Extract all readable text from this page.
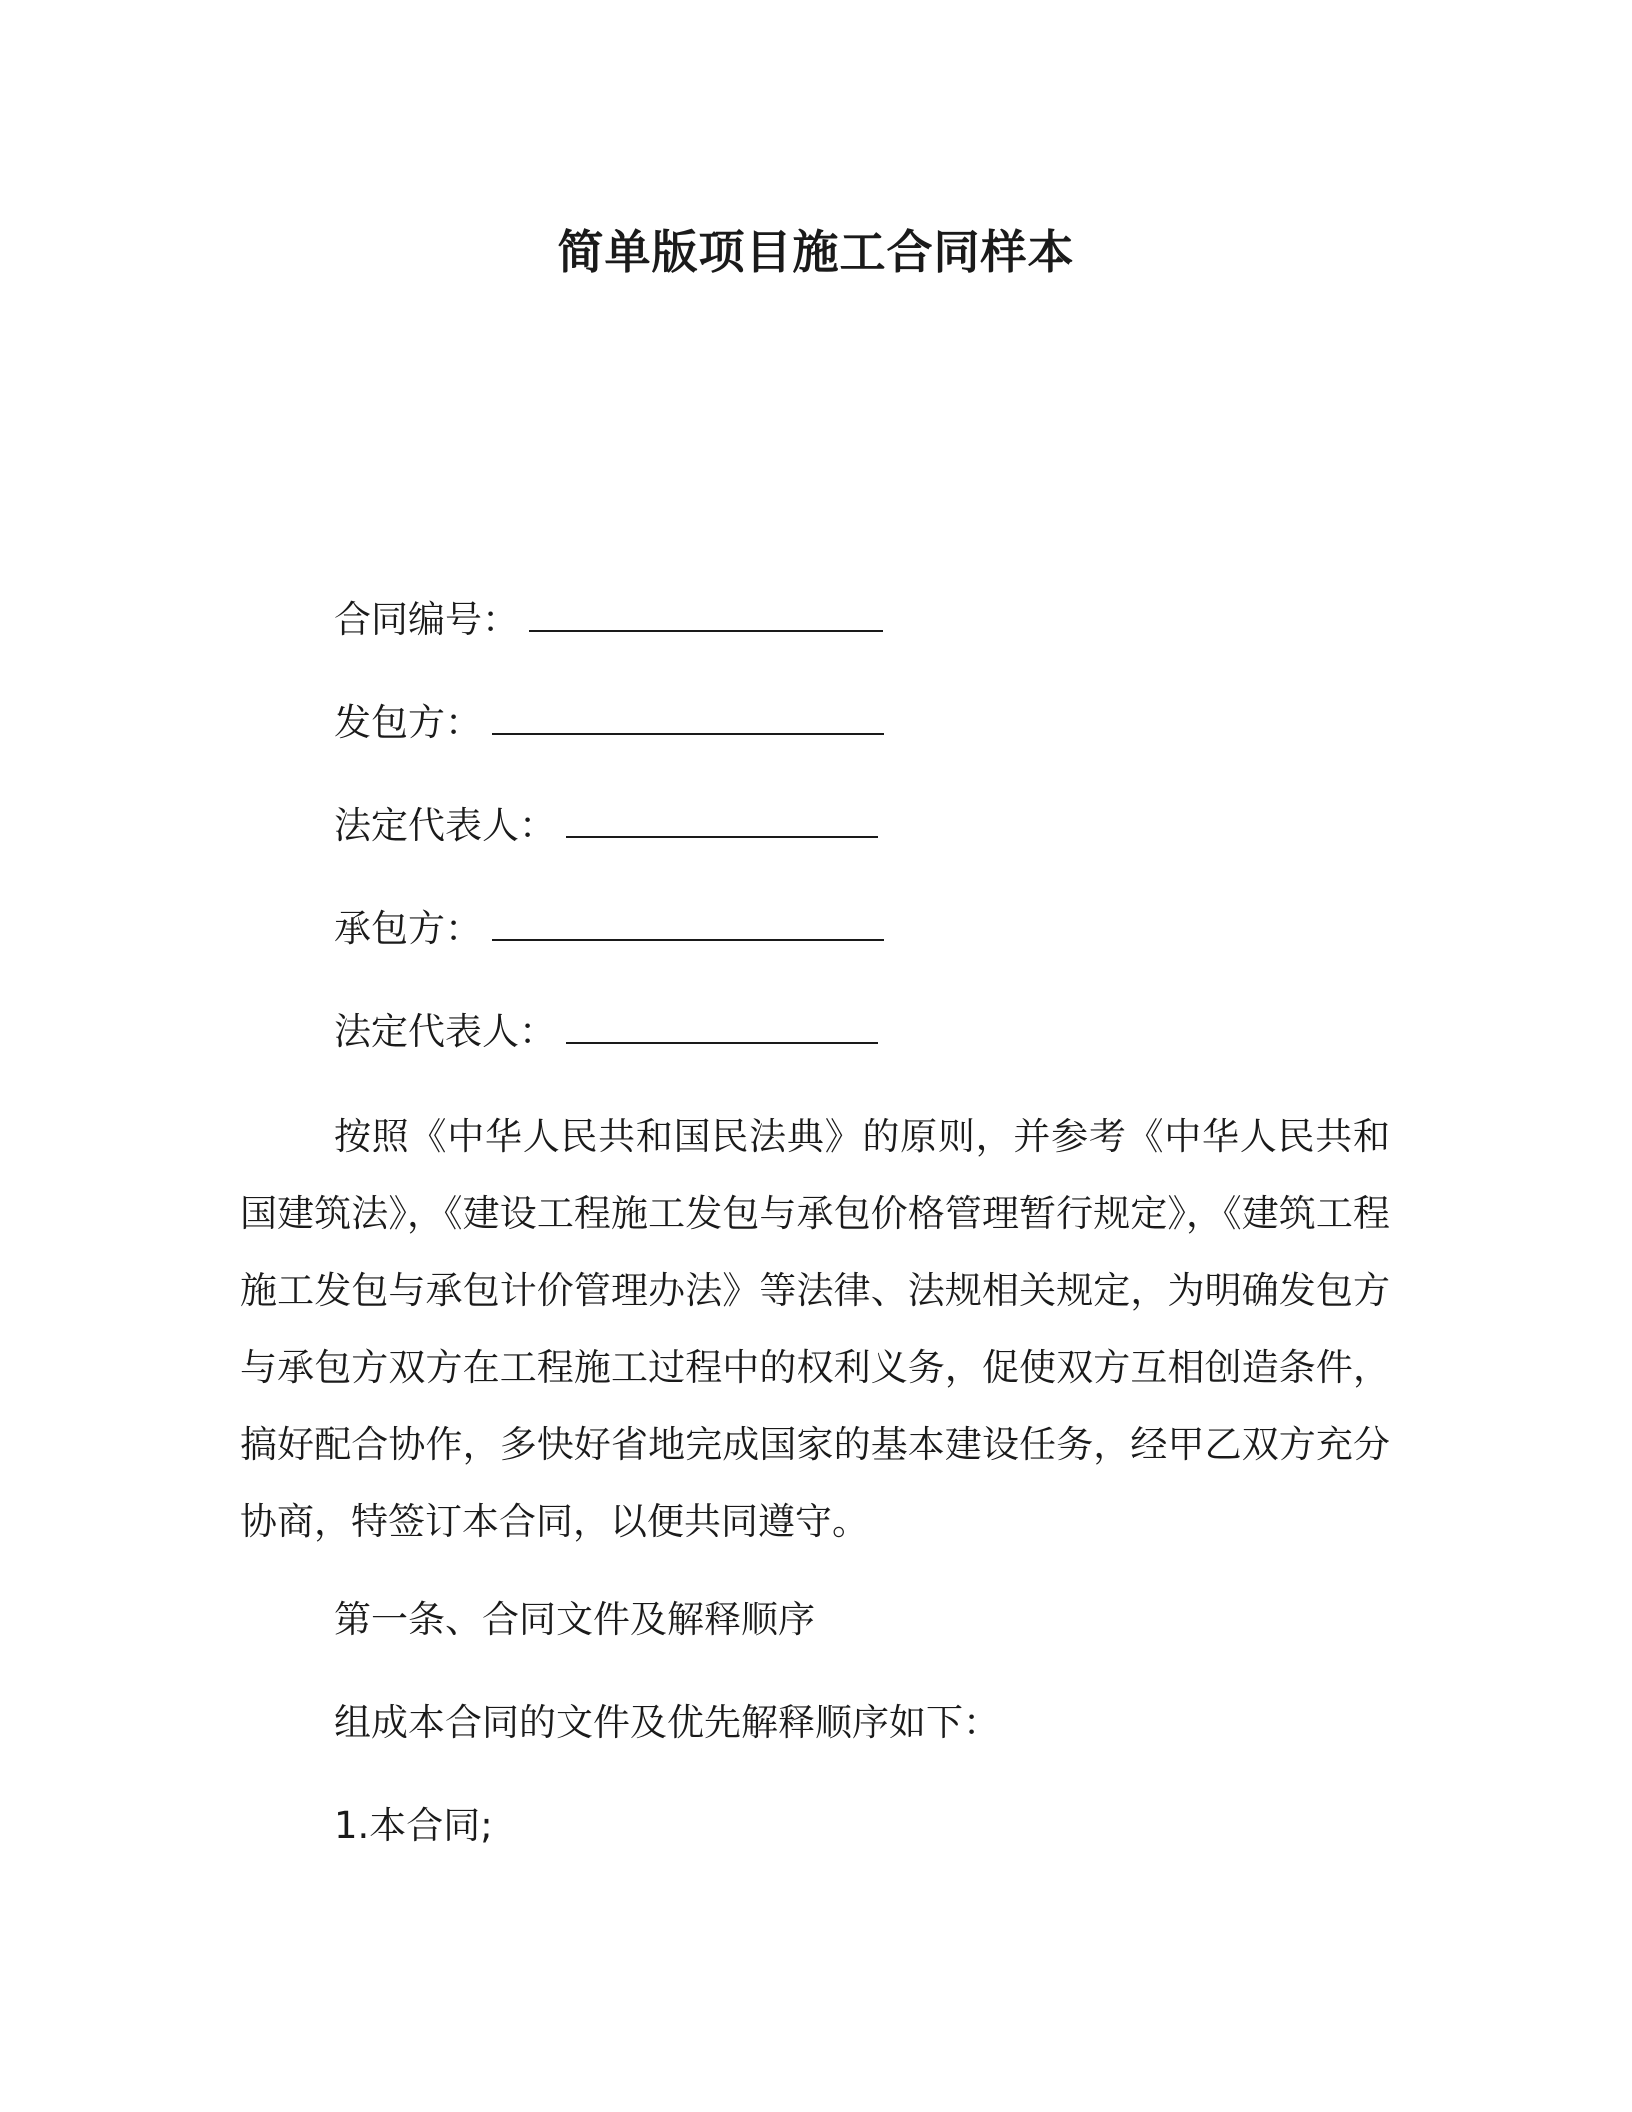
简单版项目施工合同样本
合同编号：
发包方：
法定代表人：
承包方：
法定代表人：

按照《中华人民共和国民法典》的原则，并参考《中华人民共和国建筑法》，《建设工程施工发包与承包价格管理暂行规定》，《建筑工程施工发包与承包计价管理办法》等法律、法规相关规定，为明确发包方与承包方双方在工程施工过程中的权利义务，促使双方互相创造条件，搞好配合协作，多快好省地完成国家的基本建设任务，经甲乙双方充分协商，特签订本合同，以便共同遵守。

第一条、合同文件及解释顺序
组成本合同的文件及优先解释顺序如下：
1.本合同;
